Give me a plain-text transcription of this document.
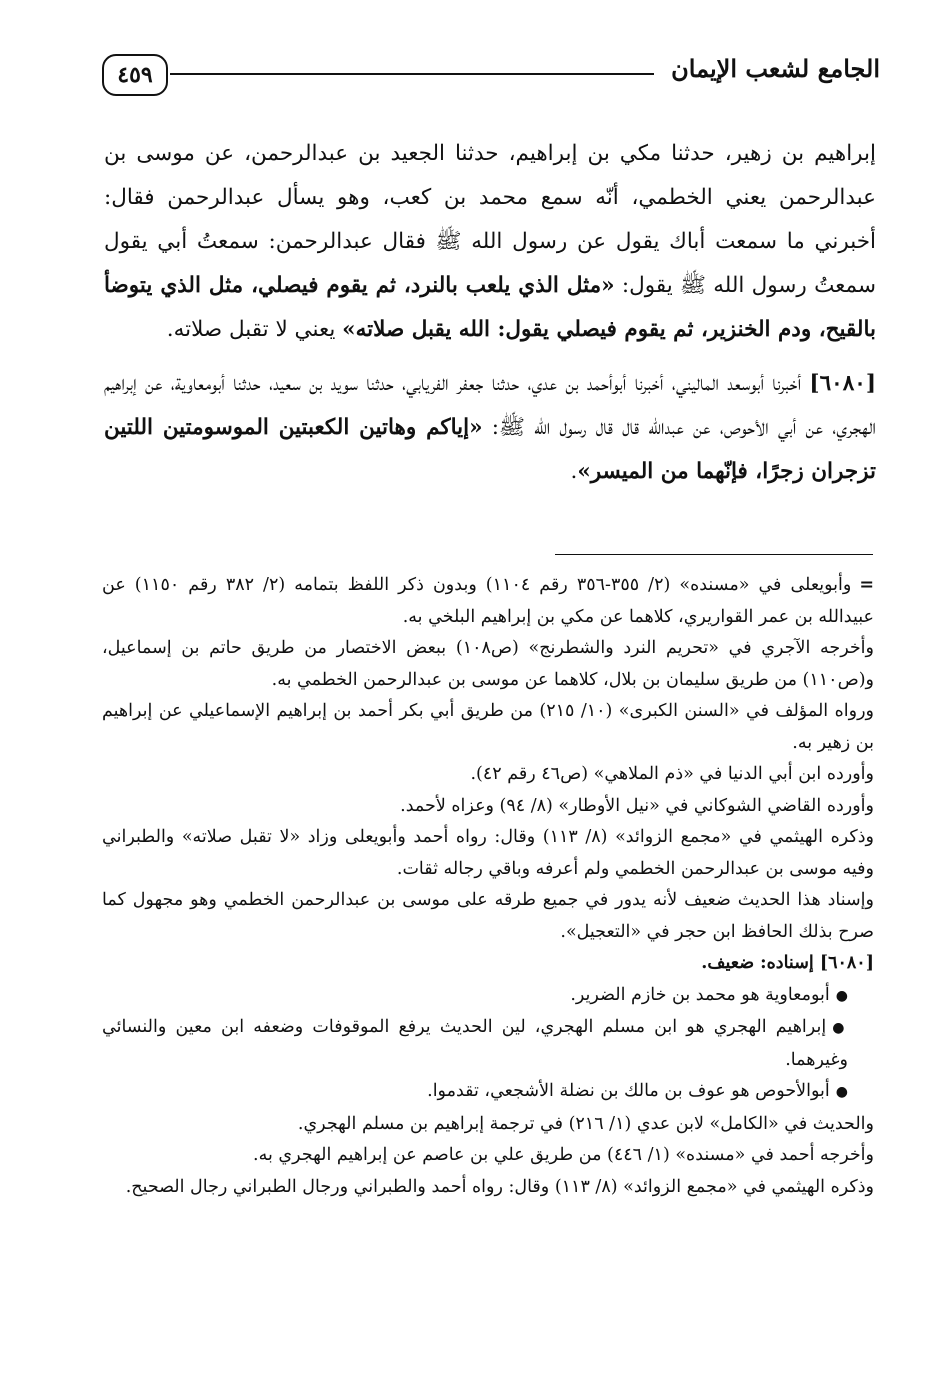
٤٥٩	الجامع لشعب الإيمان

إبراهيم بن زهير، حدثنا مكي بن إبراهيم، حدثنا الجعيد بن عبدالرحمن، عن موسى بن عبدالرحمن يعني الخطمي، أنّه سمع محمد بن كعب، وهو يسأل عبدالرحمن فقال: أخبرني ما سمعت أباك يقول عن رسول الله ﷺ فقال عبدالرحمن: سمعتُ أبي يقول سمعتُ رسول الله ﷺ يقول: «مثل الذي يلعب بالنرد، ثم يقوم فيصلي، مثل الذي يتوضأ بالقيح، ودم الخنزير، ثم يقوم فيصلي يقول: الله يقبل صلاته» يعني لا تقبل صلاته.

[٦٠٨٠] أخبرنا أبوسعد الماليني، أخبرنا أبوأحمد بن عدي، حدثنا جعفر الفريابي، حدثنا سويد بن سعيد، حدثنا أبومعاوية، عن إبراهيم الهجري، عن أبي الأحوص، عن عبدالله قال قال رسول الله ﷺ: «إياكم وهاتين الكعبتين الموسومتين اللتين تزجران زجرًا، فإنّهما من الميسر».

=وأبويعلى في «مسنده» (٢/ ٣٥٥-٣٥٦ رقم ١١٠٤) وبدون ذكر اللفظ بتمامه (٢/ ٣٨٢ رقم ١١٥٠) عن عبيدالله بن عمر القواريري، كلاهما عن مكي بن إبراهيم البلخي به.

وأخرجه الآجري في «تحريم النرد والشطرنج» (ص١٠٨) ببعض الاختصار من طريق حاتم بن إسماعيل، و(ص١١٠) من طريق سليمان بن بلال، كلاهما عن موسى بن عبدالرحمن الخطمي به.

ورواه المؤلف في «السنن الكبرى» (١٠/ ٢١٥) من طريق أبي بكر أحمد بن إبراهيم الإسماعيلي عن إبراهيم بن زهير به.

وأورده ابن أبي الدنيا في «ذم الملاهي» (ص٤٦ رقم ٤٢).

وأورده القاضي الشوكاني في «نيل الأوطار» (٨/ ٩٤) وعزاه لأحمد.

وذكره الهيثمي في «مجمع الزوائد» (٨/ ١١٣) وقال: رواه أحمد وأبويعلى وزاد «لا تقبل صلاته» والطبراني وفيه موسى بن عبدالرحمن الخطمي ولم أعرفه وباقي رجاله ثقات.

وإسناد هذا الحديث ضعيف لأنه يدور في جميع طرقه على موسى بن عبدالرحمن الخطمي وهو مجهول كما صرح بذلك الحافظ ابن حجر في «التعجيل».

[٦٠٨٠] إسناده: ضعيف.

●أبومعاوية هو محمد بن خازم الضرير.

●إبراهيم الهجري هو ابن مسلم الهجري، لين الحديث يرفع الموقوفات وضعفه ابن معين والنسائي وغيرهما.

●أبوالأحوص هو عوف بن مالك بن نضلة الأشجعي، تقدموا.

والحديث في «الكامل» لابن عدي (١/ ٢١٦) في ترجمة إبراهيم بن مسلم الهجري.

وأخرجه أحمد في «مسنده» (١/ ٤٤٦) من طريق علي بن عاصم عن إبراهيم الهجري به.

وذكره الهيثمي في «مجمع الزوائد» (٨/ ١١٣) وقال: رواه أحمد والطبراني ورجال الطبراني رجال الصحيح.
